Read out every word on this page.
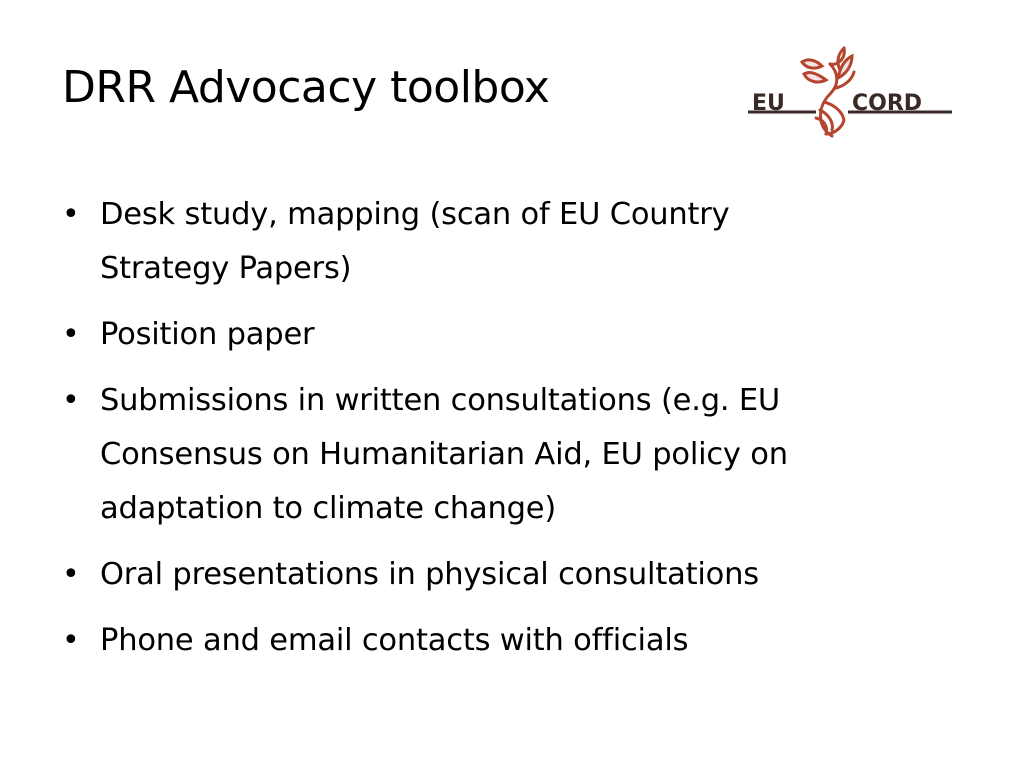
DRR Advocacy toolbox	EU	CORD
• Desk study, mapping (scan of EU Country
Strategy Papers)
• Position paper
• Submissions in written consultations (e.g. EU
Consensus on Humanitarian Aid, EU policy on
adaptation to climate change)
• Oral presentations in physical consultations
• Phone and email contacts with officials
